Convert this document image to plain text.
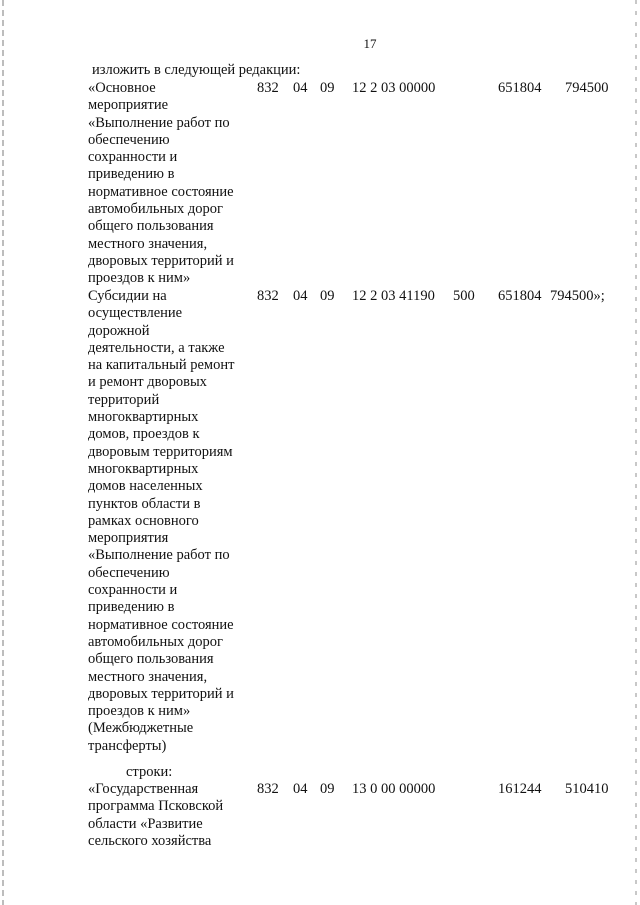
17
изложить в следующей редакции:
«Основное
мероприятие
«Выполнение работ по
обеспечению
сохранности и
приведению в
нормативное состояние
автомобильных дорог
общего пользования
местного значения,
дворовых территорий и
проездов к ним»
832 04 09 12 2 03 00000	651804 794500
Субсидии на
осуществление
дорожной
деятельности, а также
на капитальный ремонт
и ремонт дворовых
территорий
многоквартирных
домов, проездов к
дворовым территориям
многоквартирных
домов населенных
пунктов области в
рамках основного
мероприятия
«Выполнение работ по
обеспечению
сохранности и
приведению в
нормативное состояние
автомобильных дорог
общего пользования
местного значения,
дворовых территорий и
проездов к ним»
(Межбюджетные
трансферты)
832 04 09 12 2 03 41190 500 651804 794500»;
строки:
«Государственная
программа Псковской
области «Развитие
сельского хозяйства
832 04 09 13 0 00 00000	161244 510410
